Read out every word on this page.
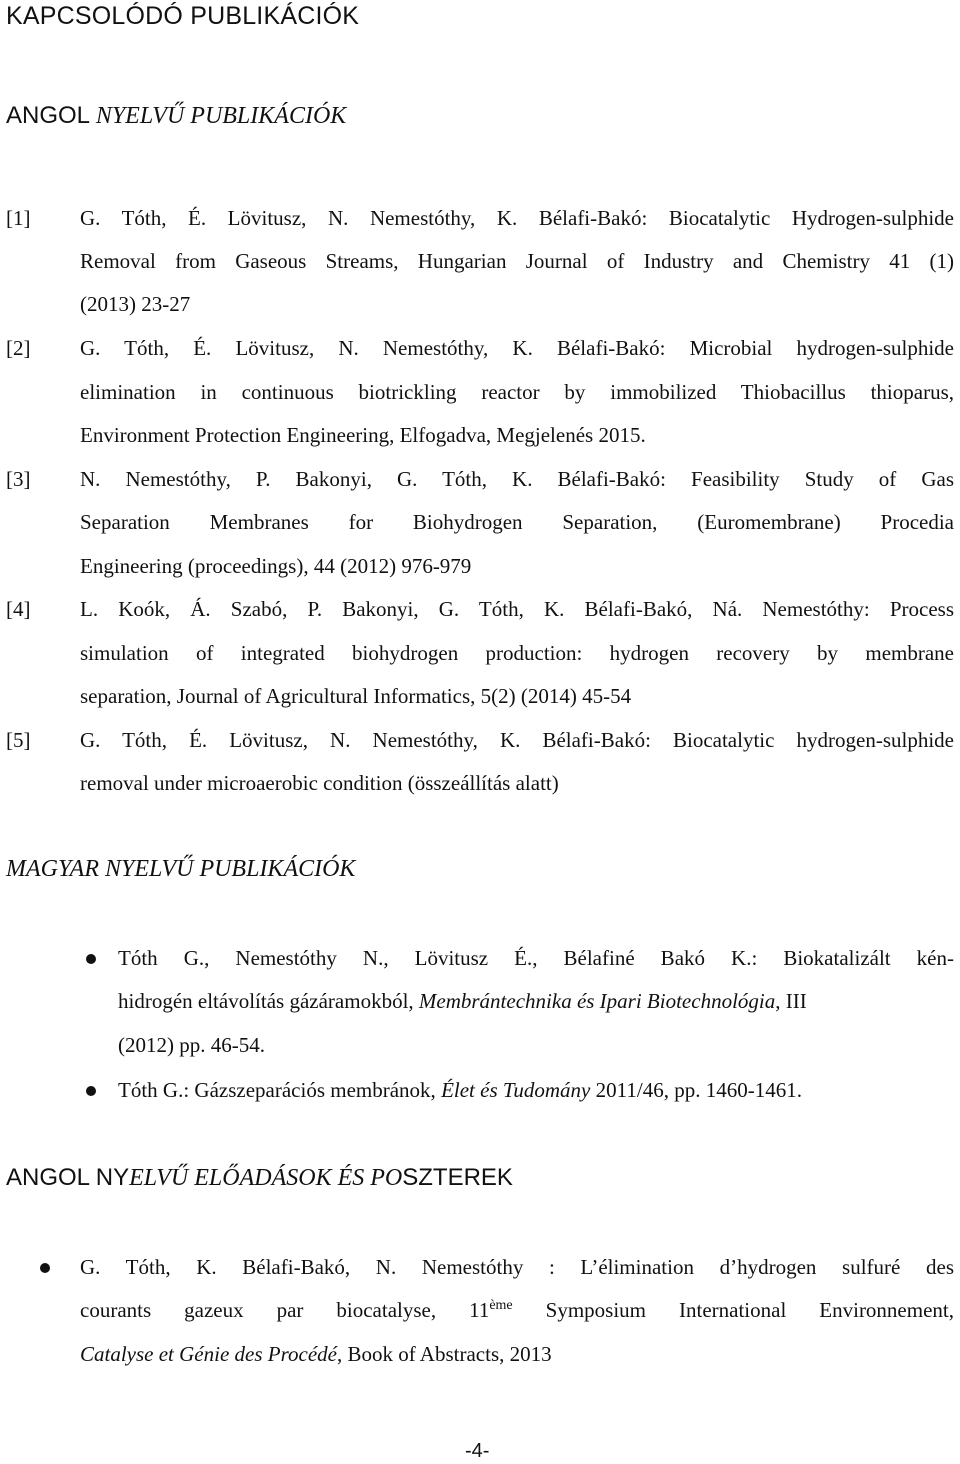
KAPCSOLÓDÓ PUBLIKÁCIÓK
ANGOL NYELVŰ PUBLIKÁCIÓK
[1] G. Tóth, É. Lövitusz, N. Nemestóthy, K. Bélafi-Bakó: Biocatalytic Hydrogen-sulphide
Removal from Gaseous Streams, Hungarian Journal of Industry and Chemistry 41 (1)
(2013) 23-27
[2] G. Tóth, É. Lövitusz, N. Nemestóthy, K. Bélafi-Bakó: Microbial hydrogen-sulphide
elimination in continuous biotrickling reactor by immobilized Thiobacillus thioparus,
Environment Protection Engineering, Elfogadva, Megjelenés 2015.
[3] N. Nemestóthy, P. Bakonyi, G. Tóth, K. Bélafi-Bakó: Feasibility Study of Gas
Separation Membranes for Biohydrogen Separation, (Euromembrane) Procedia
Engineering (proceedings), 44 (2012) 976-979
[4] L. Koók, Á. Szabó, P. Bakonyi, G. Tóth, K. Bélafi-Bakó, Ná. Nemestóthy: Process
simulation of integrated biohydrogen production: hydrogen recovery by membrane
separation, Journal of Agricultural Informatics, 5(2) (2014) 45-54
[5] G. Tóth, É. Lövitusz, N. Nemestóthy, K. Bélafi-Bakó: Biocatalytic hydrogen-sulphide
removal under microaerobic condition (összeállítás alatt)
MAGYAR NYELVŰ PUBLIKÁCIÓK
Tóth G., Nemestóthy N., Lövitusz É., Bélafiné Bakó K.: Biokatalizált kén-
hidrogén eltávolítás gázáramokból, Membrántechnika és Ipari Biotechnológia, III
(2012) pp. 46-54.
Tóth G.: Gázszeparációs membránok, Élet és Tudomány 2011/46, pp. 1460-1461.
ANGOL NYELVŰ ELŐADÁSOK ÉS POSZTEREK
G. Tóth, K. Bélafi-Bakó, N. Nemestóthy : L’élimination d’hydrogen sulfuré des
courants gazeux par biocatalyse, 11ème Symposium International Environnement,
Catalyse et Génie des Procédé, Book of Abstracts, 2013
-4-
